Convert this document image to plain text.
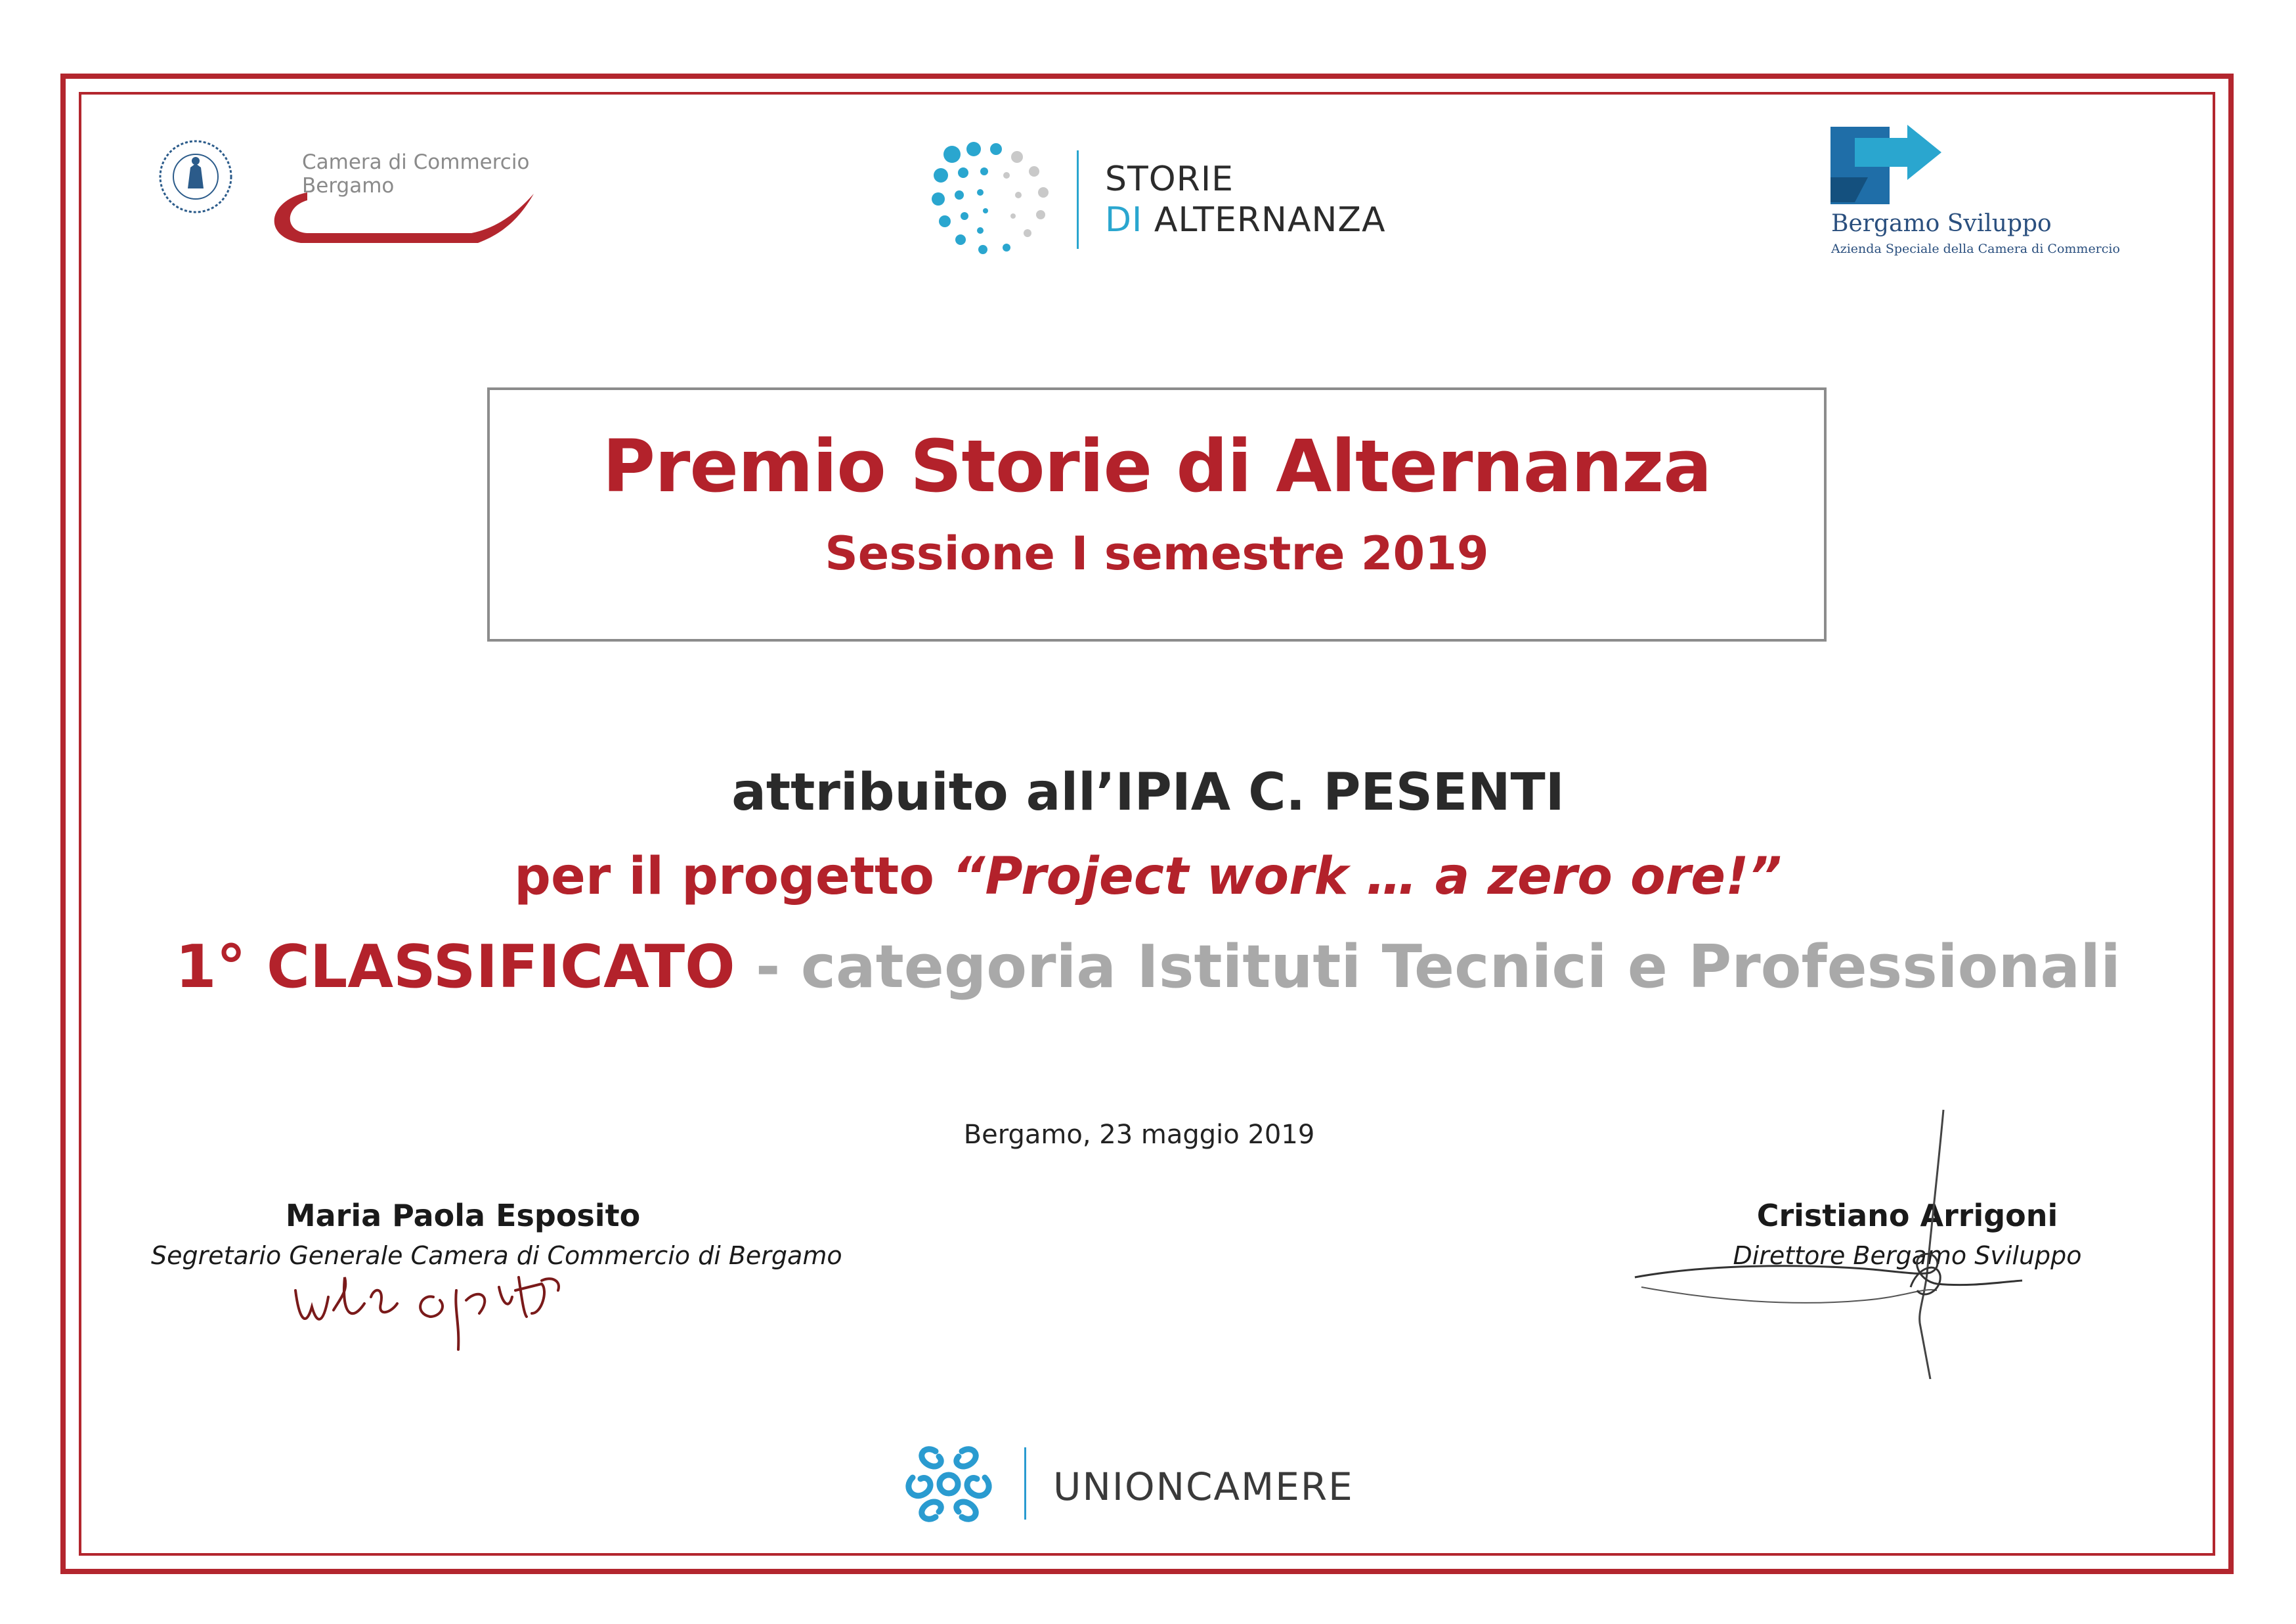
Camera di Commercio
Bergamo	STORIE
DI ALTERNANZA	Bergamo Sviluppo
Azienda Speciale della Camera di Commercio
Premio Storie di Alternanza
Sessione I semestre 2019
attribuito all’IPIA C. PESENTI
per il progetto “Project work … a zero ore!”
1° CLASSIFICATO - categoria Istituti Tecnici e Professionali
Bergamo, 23 maggio 2019
Maria Paola Esposito
Segretario Generale Camera di Commercio di Bergamo
Cristiano Arrigoni
Direttore Bergamo Sviluppo
UNIONCAMERE
